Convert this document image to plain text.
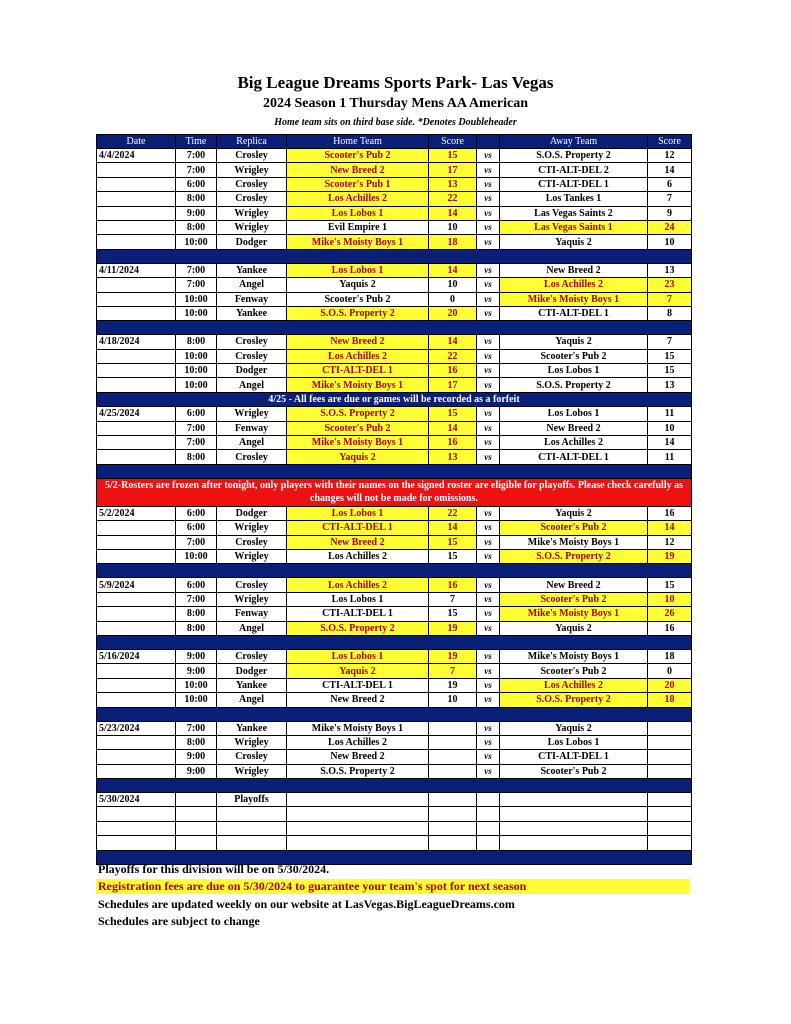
Big League Dreams Sports Park- Las Vegas
2024 Season 1 Thursday Mens AA American
Home team sits on third base side. *Denotes Doubleheader
Date	Time	Replica	Home Team	Score		Away Team	Score
4/4/2024	7:00	Crosley	Scooter's Pub 2	15	vs	S.O.S. Property 2	12
	7:00	Wrigley	New Breed 2	17	vs	CTI-ALT-DEL 2	14
	6:00	Crosley	Scooter's Pub 1	13	vs	CTI-ALT-DEL 1	6
	8:00	Crosley	Los Achilles 2	22	vs	Los Tankes 1	7
	9:00	Wrigley	Los Lobos 1	14	vs	Las Vegas Saints 2	9
	8:00	Wrigley	Evil Empire 1	10	vs	Las Vegas Saints 1	24
	10:00	Dodger	Mike's Moisty Boys 1	18	vs	Yaquis 2	10

4/11/2024	7:00	Yankee	Los Lobos 1	14	vs	New Breed 2	13
	7:00	Angel	Yaquis 2	10	vs	Los Achilles 2	23
	10:00	Fenway	Scooter's Pub 2	0	vs	Mike's Moisty Boys 1	7
	10:00	Yankee	S.O.S. Property 2	20	vs	CTI-ALT-DEL 1	8

4/18/2024	8:00	Crosley	New Breed 2	14	vs	Yaquis 2	7
	10:00	Crosley	Los Achilles 2	22	vs	Scooter's Pub 2	15
	10:00	Dodger	CTI-ALT-DEL 1	16	vs	Los Lobos 1	15
	10:00	Angel	Mike's Moisty Boys 1	17	vs	S.O.S. Property 2	13
4/25 - All fees are due or games will be recorded as a forfeit							
4/25/2024	6:00	Wrigley	S.O.S. Property 2	15	vs	Los Lobos 1	11
	7:00	Fenway	Scooter's Pub 2	14	vs	New Breed 2	10
	7:00	Angel	Mike's Moisty Boys 1	16	vs	Los Achilles 2	14
	8:00	Crosley	Yaquis 2	13	vs	CTI-ALT-DEL 1	11

5/2-Rosters are frozen after tonight, only players with their names on the signed roster are eligible for playoffs. Please check carefully as changes will not be made for omissions.							
5/2/2024	6:00	Dodger	Los Lobos 1	22	vs	Yaquis 2	16
	6:00	Wrigley	CTI-ALT-DEL 1	14	vs	Scooter's Pub 2	14
	7:00	Crosley	New Breed 2	15	vs	Mike's Moisty Boys 1	12
	10:00	Wrigley	Los Achilles 2	15	vs	S.O.S. Property 2	19

5/9/2024	6:00	Crosley	Los Achilles 2	16	vs	New Breed 2	15
	7:00	Wrigley	Los Lobos 1	7	vs	Scooter's Pub 2	10
	8:00	Fenway	CTI-ALT-DEL 1	15	vs	Mike's Moisty Boys 1	26
	8:00	Angel	S.O.S. Property 2	19	vs	Yaquis 2	16

5/16/2024	9:00	Crosley	Los Lobos 1	19	vs	Mike's Moisty Boys 1	18
	9:00	Dodger	Yaquis 2	7	vs	Scooter's Pub 2	0
	10:00	Yankee	CTI-ALT-DEL 1	19	vs	Los Achilles 2	20
	10:00	Angel	New Breed 2	10	vs	S.O.S. Property 2	18

5/23/2024	7:00	Yankee	Mike's Moisty Boys 1		vs	Yaquis 2	
	8:00	Wrigley	Los Achilles 2		vs	Los Lobos 1	
	9:00	Crosley	New Breed 2		vs	CTI-ALT-DEL 1	
	9:00	Wrigley	S.O.S. Property 2		vs	Scooter's Pub 2	

5/30/2024		Playoffs					

Playoffs for this division will be on 5/30/2024.
Registration fees are due on 5/30/2024 to guarantee your team's spot for next season
Schedules are updated weekly on our website at LasVegas.BigLeagueDreams.com
Schedules are subject to change
